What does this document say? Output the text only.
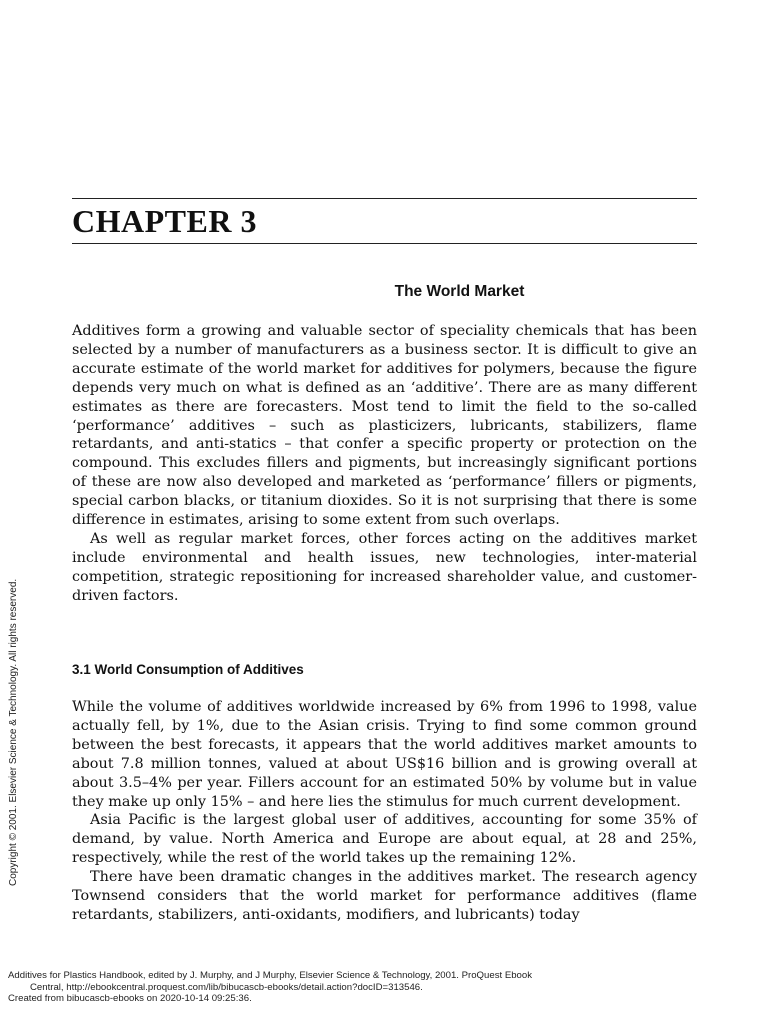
CHAPTER 3
The World Market

Additives form a growing and valuable sector of speciality chemicals that has been selected by a number of manufacturers as a business sector. It is difficult to give an accurate estimate of the world market for additives for polymers, because the figure depends very much on what is defined as an ‘additive’. There are as many different estimates as there are forecasters. Most tend to limit the field to the so-called ‘performance’ additives – such as plasticizers, lubricants, stabilizers, flame retardants, and anti-statics – that confer a specific property or protection on the compound. This excludes fillers and pigments, but increasingly significant portions of these are now also developed and marketed as ‘performance’ fillers or pigments, special carbon blacks, or titanium dioxides. So it is not surprising that there is some difference in estimates, arising to some extent from such overlaps.

As well as regular market forces, other forces acting on the additives market include environmental and health issues, new technologies, inter-material competition, strategic repositioning for increased shareholder value, and customer-driven factors.

3.1 World Consumption of Additives

While the volume of additives worldwide increased by 6% from 1996 to 1998, value actually fell, by 1%, due to the Asian crisis. Trying to find some common ground between the best forecasts, it appears that the world additives market amounts to about 7.8 million tonnes, valued at about US$16 billion and is growing overall at about 3.5–4% per year. Fillers account for an estimated 50% by volume but in value they make up only 15% – and here lies the stimulus for much current development.

Asia Pacific is the largest global user of additives, accounting for some 35% of demand, by value. North America and Europe are about equal, at 28 and 25%, respectively, while the rest of the world takes up the remaining 12%.

There have been dramatic changes in the additives market. The research agency Townsend considers that the world market for performance additives (flame retardants, stabilizers, anti-oxidants, modifiers, and lubricants) today

Copyright © 2001. Elsevier Science & Technology. All rights reserved.
Additives for Plastics Handbook, edited by J. Murphy, and J Murphy, Elsevier Science & Technology, 2001. ProQuest Ebook
Central, http://ebookcentral.proquest.com/lib/bibucascb-ebooks/detail.action?docID=313546.
Created from bibucascb-ebooks on 2020-10-14 09:25:36.
